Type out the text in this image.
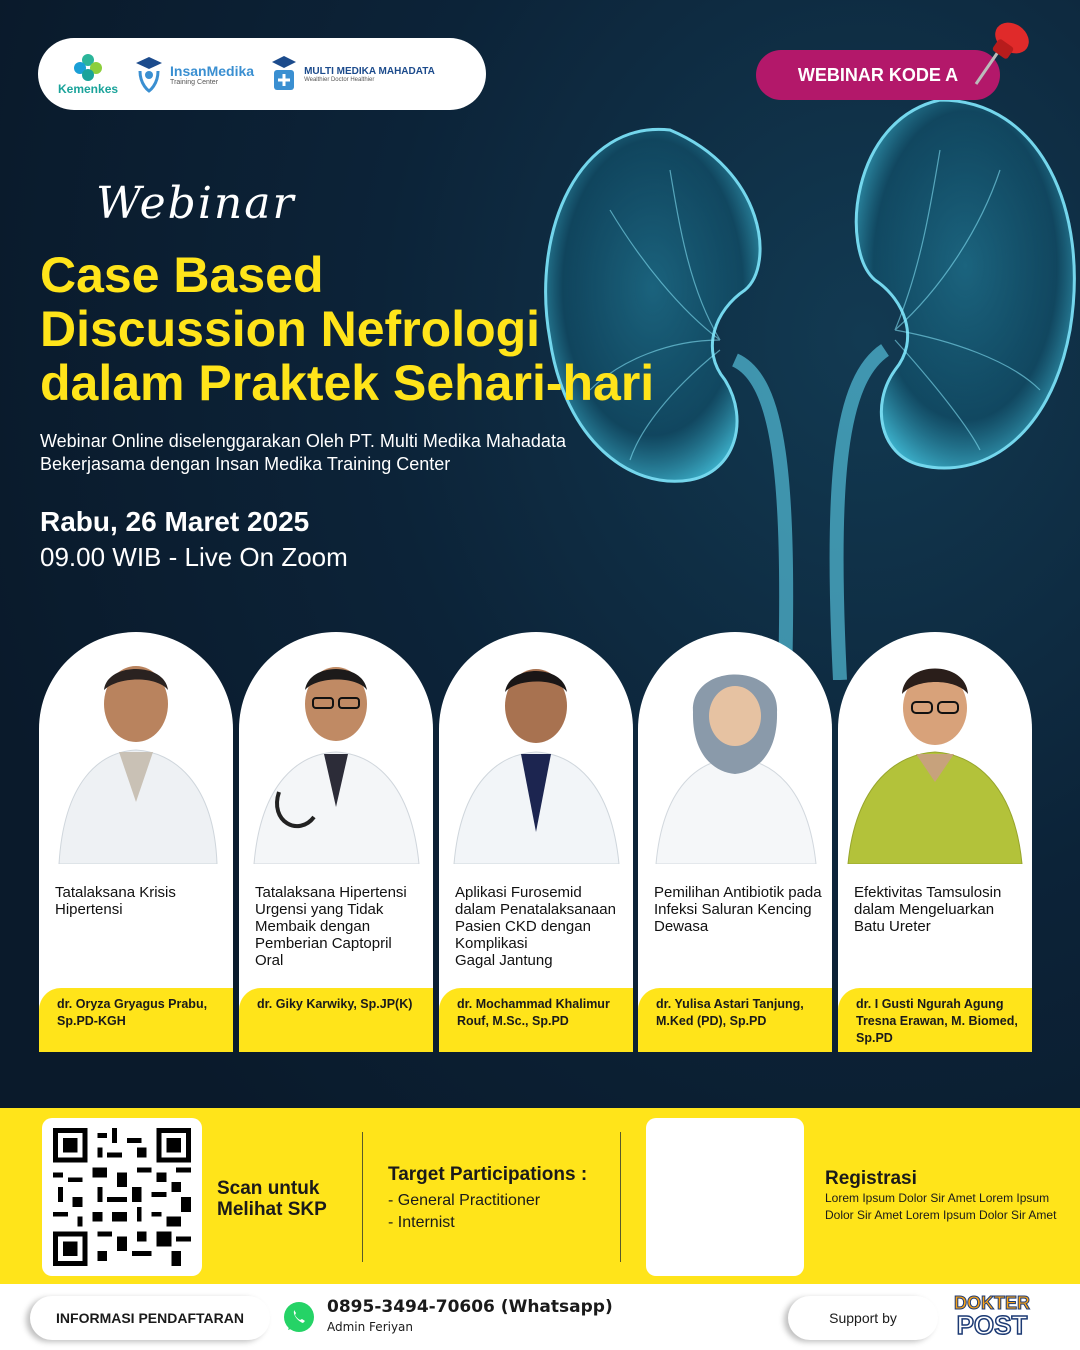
Kemenkes
InsanMedika
Training Center
MULTI MEDIKA MAHADATA
Wealthier Doctor Healthier	WEBINAR KODE A
Webinar
Case Based
Discussion Nefrologi
dalam Praktek Sehari-hari
Webinar Online diselenggarakan Oleh PT. Multi Medika Mahadata
Bekerjasama dengan Insan Medika Training Center
Rabu, 26 Maret 2025
09.00 WIB - Live On Zoom
Tatalaksana Krisis
Hipertensi
dr. Oryza Gryagus Prabu,
Sp.PD-KGH
Tatalaksana Hipertensi
Urgensi yang Tidak
Membaik dengan
Pemberian Captopril
Oral
dr. Giky Karwiky, Sp.JP(K)
Aplikasi Furosemid
dalam Penatalaksanaan
Pasien CKD dengan
Komplikasi
Gagal Jantung
dr. Mochammad Khalimur
Rouf, M.Sc., Sp.PD
Pemilihan Antibiotik pada
Infeksi Saluran Kencing
Dewasa
dr. Yulisa Astari Tanjung,
M.Ked (PD), Sp.PD
Efektivitas Tamsulosin
dalam Mengeluarkan
Batu Ureter
dr. I Gusti Ngurah Agung
Tresna Erawan, M. Biomed,
Sp.PD
Scan untuk
Melihat SKP
Target Participations :
- General Practitioner
- Internist
Registrasi

Lorem Ipsum Dolor Sir Amet Lorem Ipsum Dolor Sir Amet Lorem Ipsum Dolor Sir Amet

INFORMASI PENDAFTARAN
0895-3494-70606 (Whatsapp)
Admin Feriyan
Support by
DOKTER
POST
